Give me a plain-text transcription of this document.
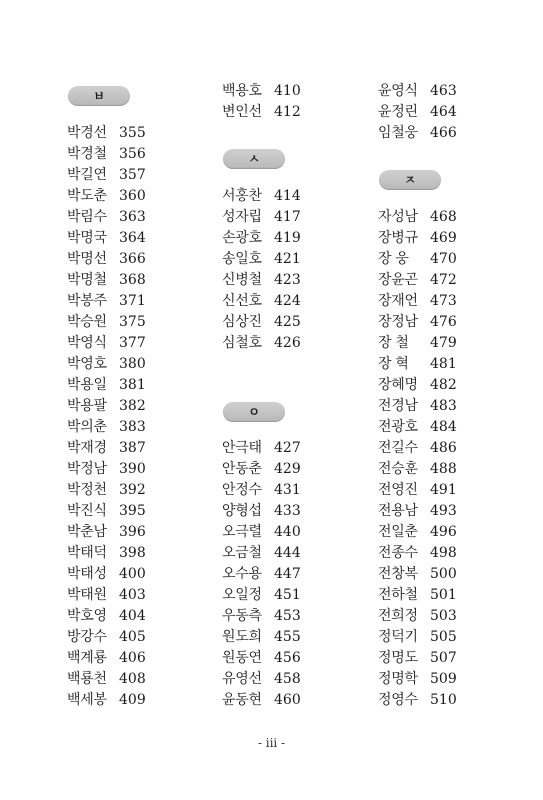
ㅂ
박경선 355
박경철 356
박길연 357
박도춘 360
박림수 363
박명국 364
박명선 366
박명철 368
박봉주 371
박승원 375
박영식 377
박영호 380
박용일 381
박용팔 382
박의춘 383
박재경 387
박정남 390
박정천 392
박진식 395
박춘남 396
박태덕 398
박태성 400
박태원 403
박호영 404
방강수 405
백계룡 406
백룡천 408
백세봉 409
백용호 410
변인선 412
ㅅ
서홍찬 414
성자립 417
손광호 419
송일호 421
신병철 423
신선호 424
심상진 425
심철호 426
ㅇ
안극태 427
안동춘 429
안정수 431
양형섭 433
오극렬 440
오금철 444
오수용 447
오일정 451
우동측 453
원도희 455
원동연 456
유영선 458
윤동현 460
윤영식 463
윤정린 464
임철웅 466
ㅈ
자성남 468
장병규 469
장 웅 470
장윤곤 472
장재언 473
장정남 476
장 철 479
장 혁 481
장혜명 482
전경남 483
전광호 484
전길수 486
전승훈 488
전영진 491
전용남 493
전일춘 496
전종수 498
전창복 500
전하철 501
전희정 503
정덕기 505
정명도 507
정명학 509
정영수 510
- iii -
